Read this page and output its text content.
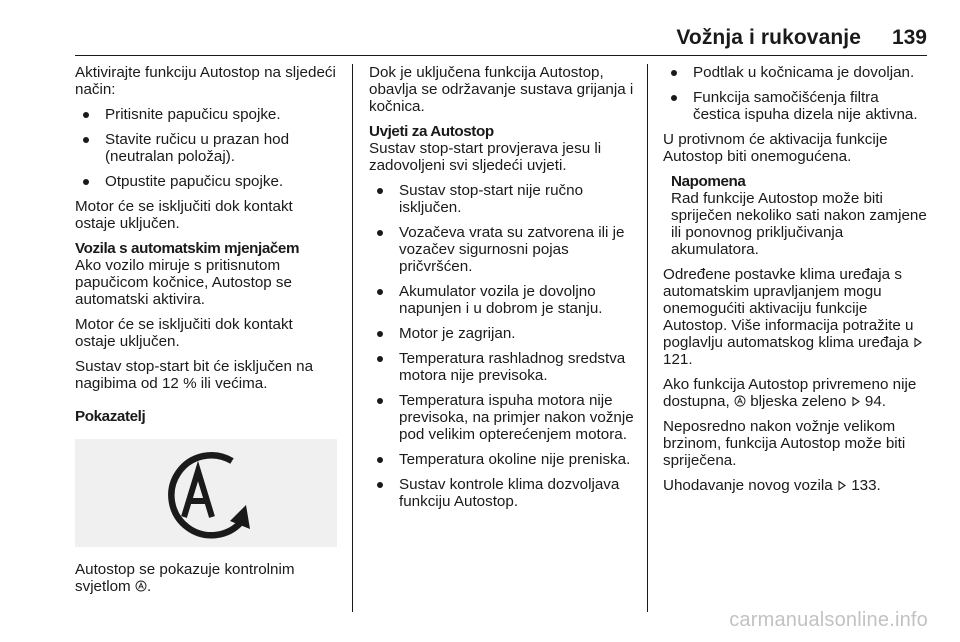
Vožnja i rukovanje 139

Aktivirajte funkciju Autostop na sljedeći način:

Pritisnite papučicu spojke.
Stavite ručicu u prazan hod (neutralan položaj).
Otpustite papučicu spojke.

Motor će se isključiti dok kontakt ostaje uključen.

Vozila s automatskim mjenjačem
Ako vozilo miruje s pritisnutom papučicom kočnice, Autostop se automatski aktivira.

Motor će se isključiti dok kontakt ostaje uključen.

Sustav stop-start bit će isključen na nagibima od 12 % ili većima.

Pokazatelj

Autostop se pokazuje kontrolnim svjetlom .

Dok je uključena funkcija Autostop, obavlja se održavanje sustava grijanja i kočnica.

Uvjeti za Autostop
Sustav stop-start provjerava jesu li zadovoljeni svi sljedeći uvjeti.
Sustav stop-start nije ručno isključen.
Vozačeva vrata su zatvorena ili je vozačev sigurnosni pojas pričvršćen.
Akumulator vozila je dovoljno napunjen i u dobrom je stanju.
Motor je zagrijan.
Temperatura rashladnog sredstva motora nije previsoka.
Temperatura ispuha motora nije previsoka, na primjer nakon vožnje pod velikim opterećenjem motora.
Temperatura okoline nije preniska.
Sustav kontrole klima dozvoljava funkciju Autostop.
Podtlak u kočnicama je dovoljan.
Funkcija samočišćenja filtra čestica ispuha dizela nije aktivna.

U protivnom će aktivacija funkcije Autostop biti onemogućena.

Napomena
Rad funkcije Autostop može biti spriječen nekoliko sati nakon zamjene ili ponovnog priključivanja akumulatora.

Određene postavke klima uređaja s automatskim upravljanjem mogu onemogućiti aktivaciju funkcije Autostop. Više informacija potražite u poglavlju automatskog klima uređaja  121.

Ako funkcija Autostop privremeno nije dostupna, bljeska zeleno 94.

Neposredno nakon vožnje velikom brzinom, funkcija Autostop može biti spriječena.

Uhodavanje novog vozila 133.

carmanualsonline.info
